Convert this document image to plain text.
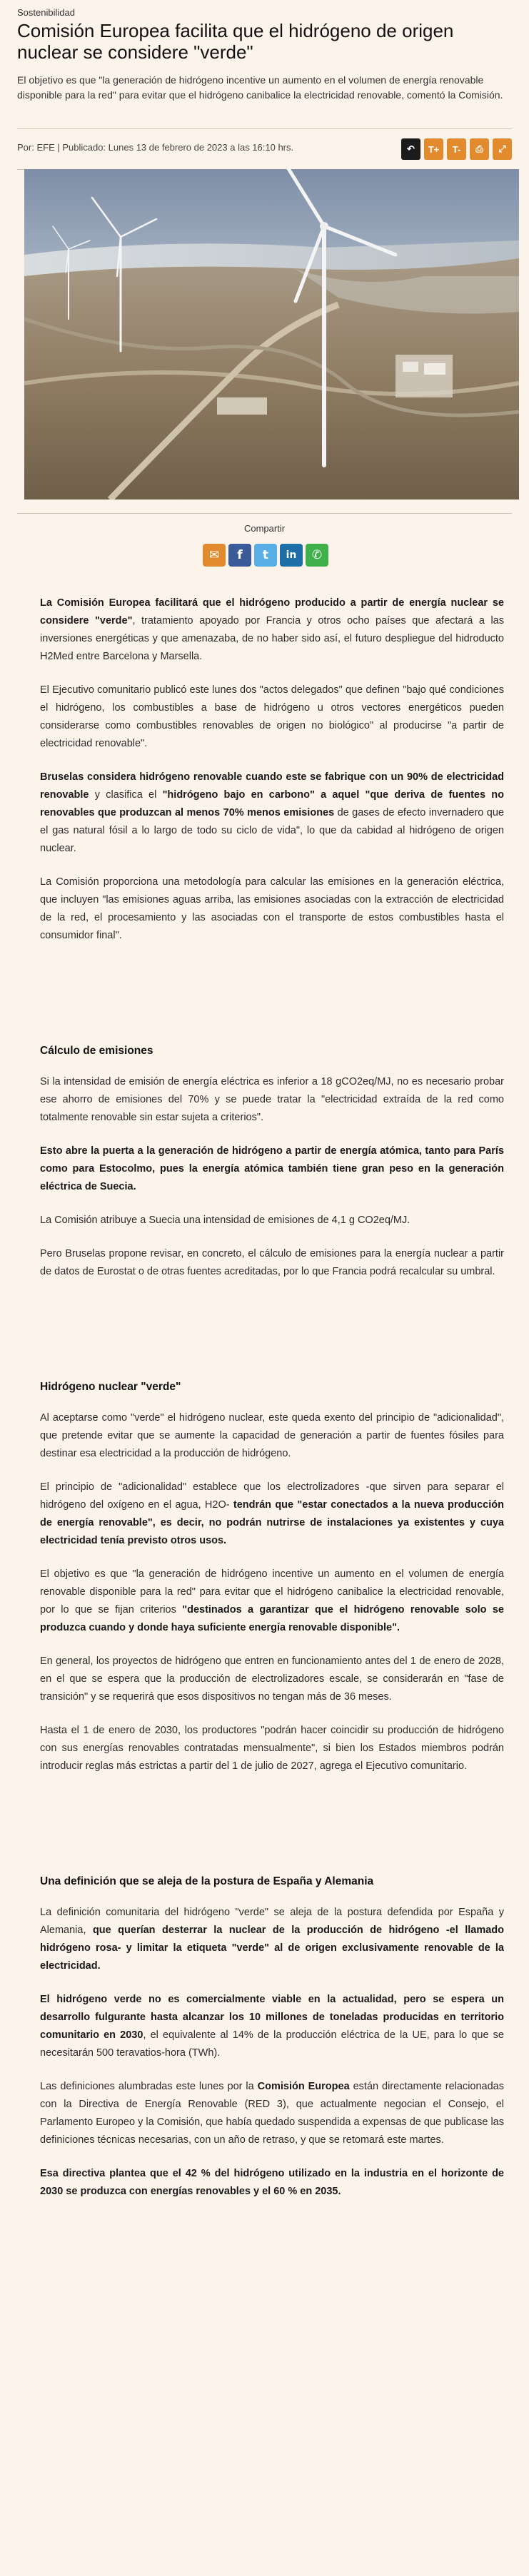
Sostenibilidad
Comisión Europea facilita que el hidrógeno de origen nuclear se considere "verde"

El objetivo es que "la generación de hidrógeno incentive un aumento en el volumen de energía renovable disponible para la red" para evitar que el hidrógeno canibalice la electricidad renovable, comentó la Comisión.

Por: EFE | Publicado: Lunes 13 de febrero de 2023 a las 16:10 hrs.	↶	T+	T-	⎙	⤢
Compartir
✉	f	t	in	✆

La Comisión Europea facilitará que el hidrógeno producido a partir de energía nuclear se considere "verde", tratamiento apoyado por Francia y otros ocho países que afectará a las inversiones energéticas y que amenazaba, de no haber sido así, el futuro despliegue del hidroducto H2Med entre Barcelona y Marsella.

El Ejecutivo comunitario publicó este lunes dos "actos delegados" que definen "bajo qué condiciones el hidrógeno, los combustibles a base de hidrógeno u otros vectores energéticos pueden considerarse como combustibles renovables de origen no biológico" al producirse "a partir de electricidad renovable".

Bruselas considera hidrógeno renovable cuando este se fabrique con un 90% de electricidad renovable y clasifica el "hidrógeno bajo en carbono" a aquel "que deriva de fuentes no renovables que produzcan al menos 70% menos emisiones de gases de efecto invernadero que el gas natural fósil a lo largo de todo su ciclo de vida", lo que da cabidad al hidrógeno de origen nuclear.

La Comisión proporciona una metodología para calcular las emisiones en la generación eléctrica, que incluyen "las emisiones aguas arriba, las emisiones asociadas con la extracción de electricidad de la red, el procesamiento y las asociadas con el transporte de estos combustibles hasta el consumidor final".

Cálculo de emisiones

Si la intensidad de emisión de energía eléctrica es inferior a 18 gCO2eq/MJ, no es necesario probar ese ahorro de emisiones del 70% y se puede tratar la "electricidad extraída de la red como totalmente renovable sin estar sujeta a criterios".

Esto abre la puerta a la generación de hidrógeno a partir de energía atómica, tanto para París como para Estocolmo, pues la energía atómica también tiene gran peso en la generación eléctrica de Suecia.

La Comisión atribuye a Suecia una intensidad de emisiones de 4,1 g CO2eq/MJ.

Pero Bruselas propone revisar, en concreto, el cálculo de emisiones para la energía nuclear a partir de datos de Eurostat o de otras fuentes acreditadas, por lo que Francia podrá recalcular su umbral.

Hidrógeno nuclear "verde"

Al aceptarse como "verde" el hidrógeno nuclear, este queda exento del principio de "adicionalidad", que pretende evitar que se aumente la capacidad de generación a partir de fuentes fósiles para destinar esa electricidad a la producción de hidrógeno.

El principio de "adicionalidad" establece que los electrolizadores -que sirven para separar el hidrógeno del oxígeno en el agua, H2O- tendrán que "estar conectados a la nueva producción de energía renovable", es decir, no podrán nutrirse de instalaciones ya existentes y cuya electricidad tenía previsto otros usos.

El objetivo es que "la generación de hidrógeno incentive un aumento en el volumen de energía renovable disponible para la red" para evitar que el hidrógeno canibalice la electricidad renovable, por lo que se fijan criterios "destinados a garantizar que el hidrógeno renovable solo se produzca cuando y donde haya suficiente energía renovable disponible".

En general, los proyectos de hidrógeno que entren en funcionamiento antes del 1 de enero de 2028, en el que se espera que la producción de electrolizadores escale, se considerarán en "fase de transición" y se requerirá que esos dispositivos no tengan más de 36 meses.

Hasta el 1 de enero de 2030, los productores "podrán hacer coincidir su producción de hidrógeno con sus energías renovables contratadas mensualmente", si bien los Estados miembros podrán introducir reglas más estrictas a partir del 1 de julio de 2027, agrega el Ejecutivo comunitario.

Una definición que se aleja de la postura de España y Alemania

La definición comunitaria del hidrógeno "verde" se aleja de la postura defendida por España y Alemania, que querían desterrar la nuclear de la producción de hidrógeno -el llamado hidrógeno rosa- y limitar la etiqueta "verde" al de origen exclusivamente renovable de la electricidad.

El hidrógeno verde no es comercialmente viable en la actualidad, pero se espera un desarrollo fulgurante hasta alcanzar los 10 millones de toneladas producidas en territorio comunitario en 2030, el equivalente al 14% de la producción eléctrica de la UE, para lo que se necesitarán 500 teravatios-hora (TWh).

Las definiciones alumbradas este lunes por la Comisión Europea están directamente relacionadas con la Directiva de Energía Renovable (RED 3), que actualmente negocian el Consejo, el Parlamento Europeo y la Comisión, que había quedado suspendida a expensas de que publicase las definiciones técnicas necesarias, con un año de retraso, y que se retomará este martes.

Esa directiva plantea que el 42 % del hidrógeno utilizado en la industria en el horizonte de 2030 se produzca con energías renovables y el 60 % en 2035.
